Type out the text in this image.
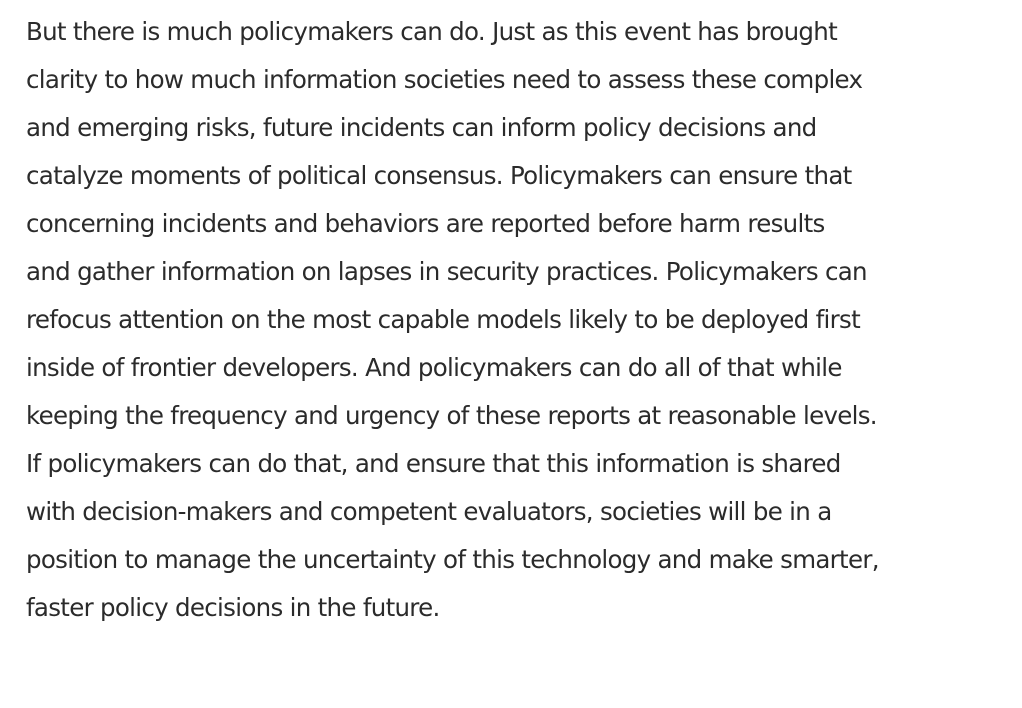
But there is much policymakers can do. Just as this event has brought
clarity to how much information societies need to assess these complex
and emerging risks, future incidents can inform policy decisions and
catalyze moments of political consensus. Policymakers can ensure that
concerning incidents and behaviors are reported before harm results
and gather information on lapses in security practices. Policymakers can
refocus attention on the most capable models likely to be deployed first
inside of frontier developers. And policymakers can do all of that while
keeping the frequency and urgency of these reports at reasonable levels.
If policymakers can do that, and ensure that this information is shared
with decision-makers and competent evaluators, societies will be in a
position to manage the uncertainty of this technology and make smarter,
faster policy decisions in the future.
